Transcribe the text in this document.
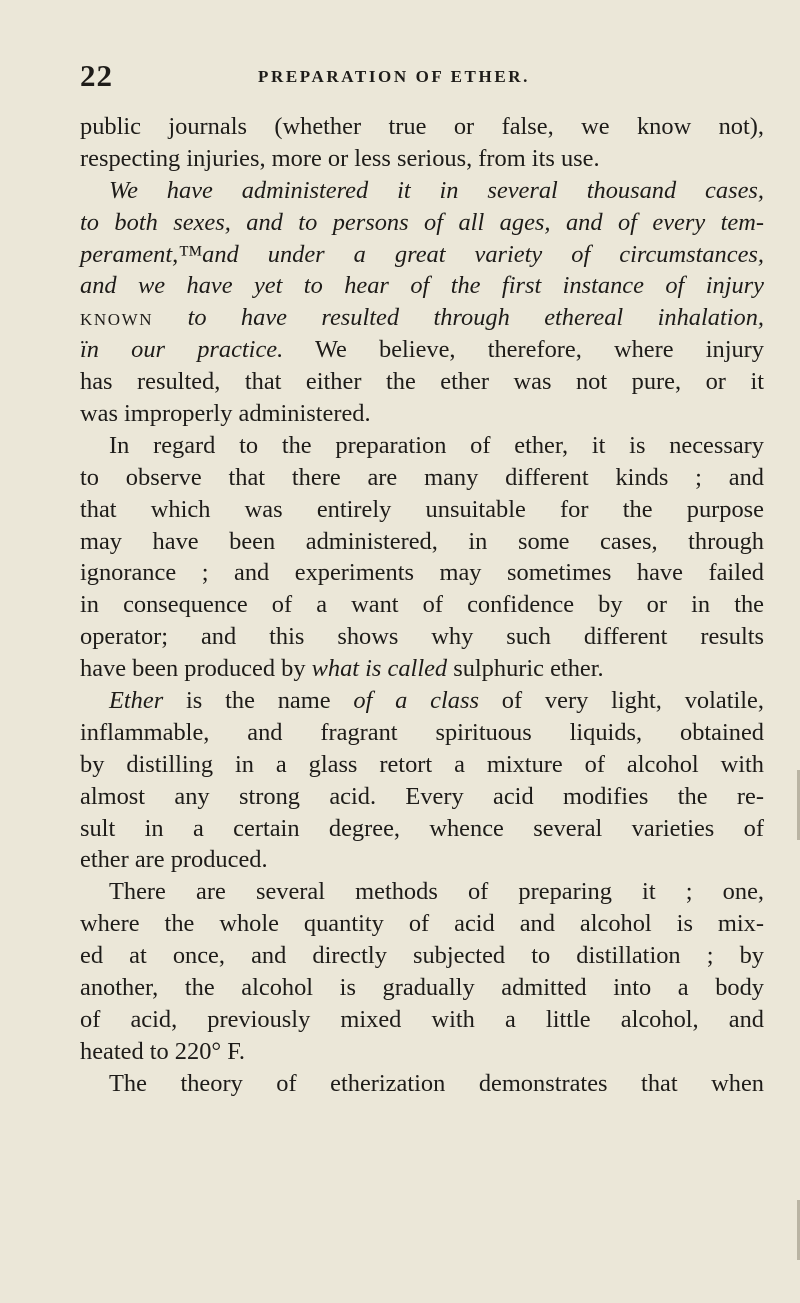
22	PREPARATION OF ETHER.
public journals (whether true or false, we know not),
respecting injuries, more or less serious, from its use.
We have administered it in several thousand cases,
to both sexes, and to persons of all ages, and of every tem-
perament,™and under a great variety of circumstances,
and we have yet to hear of the first instance of injury
KNOWN to have resulted through ethereal inhalation,
ïn our practice. We believe, therefore, where injury
has resulted, that either the ether was not pure, or it
was improperly administered.
In regard to the preparation of ether, it is necessary
to observe that there are many different kinds ; and
that which was entirely unsuitable for the purpose
may have been administered, in some cases, through
ignorance ; and experiments may sometimes have failed
in consequence of a want of confidence by or in the
operator; and this shows why such different results
have been produced by what is called sulphuric ether.
Ether is the name of a class of very light, volatile,
inflammable, and fragrant spirituous liquids, obtained
by distilling in a glass retort a mixture of alcohol with
almost any strong acid. Every acid modifies the re-
sult in a certain degree, whence several varieties of
ether are produced.
There are several methods of preparing it ; one,
where the whole quantity of acid and alcohol is mix-
ed at once, and directly subjected to distillation ; by
another, the alcohol is gradually admitted into a body
of acid, previously mixed with a little alcohol, and
heated to 220° F.
The theory of etherization demonstrates that when
